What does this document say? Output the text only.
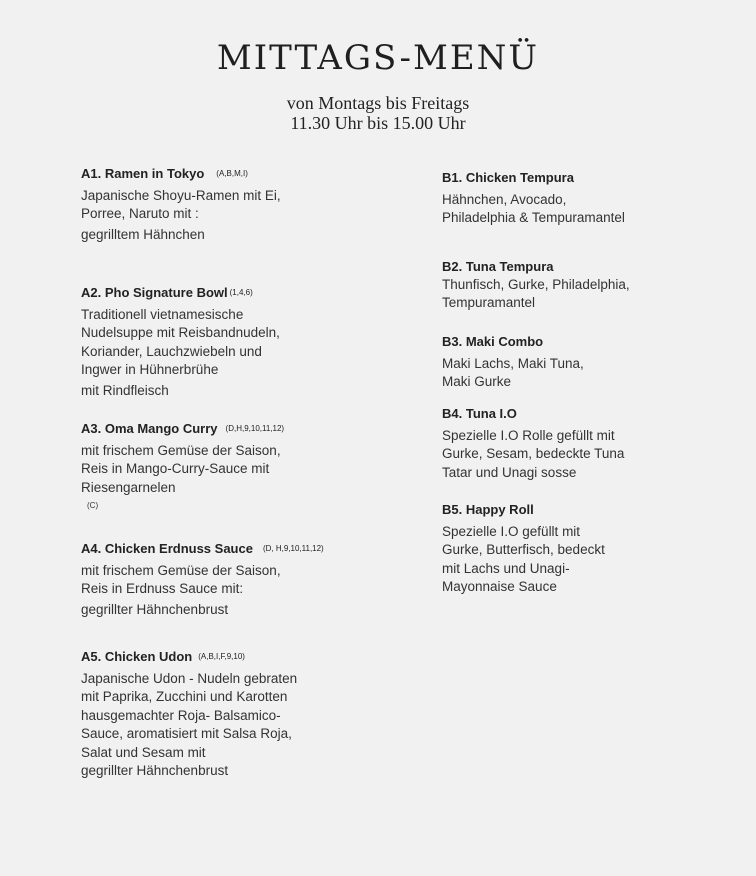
MITTAGS-MENÜ
von Montags bis Freitags
11.30 Uhr bis 15.00 Uhr
A1. Ramen in Tokyo $^{(A,B,M,I)}$
Japanische Shoyu-Ramen mit Ei,
Porree, Naruto mit :
gegrilltem Hähnchen
A2. Pho Signature Bowl $^{(1,4,6)}$
Traditionell vietnamesische
Nudelsuppe mit Reisbandnudeln,
Koriander, Lauchzwiebeln und
Ingwer in Hühnerbrühe
mit Rindfleisch
A3. Oma Mango Curry $^{(D,H,9,10,11,12)}$
mit frischem Gemüse der Saison,
Reis in Mango-Curry-Sauce mit
Riesengarnelen
$^{(C)}$
A4. Chicken Erdnuss Sauce $^{(D, H,9,10,11,12)}$
mit frischem Gemüse der Saison,
Reis in Erdnuss Sauce mit:
gegrillter Hähnchenbrust
A5. Chicken Udon $^{(A,B,I,F,9,10)}$
Japanische Udon - Nudeln gebraten
mit Paprika, Zucchini und Karotten
hausgemachter Roja- Balsamico-
Sauce, aromatisiert mit Salsa Roja,
Salat und Sesam mit
gegrillter Hähnchenbrust
B1. Chicken Tempura
Hähnchen, Avocado,
Philadelphia & Tempuramantel
B2. Tuna Tempura
Thunfisch, Gurke, Philadelphia,
Tempuramantel
B3. Maki Combo
Maki Lachs, Maki Tuna,
Maki Gurke
B4. Tuna I.O
Spezielle I.O Rolle gefüllt mit
Gurke, Sesam, bedeckte Tuna
Tatar und Unagi sosse
B5. Happy Roll
Spezielle I.O gefüllt mit
Gurke, Butterfisch, bedeckt
mit Lachs und Unagi-
Mayonnaise Sauce
